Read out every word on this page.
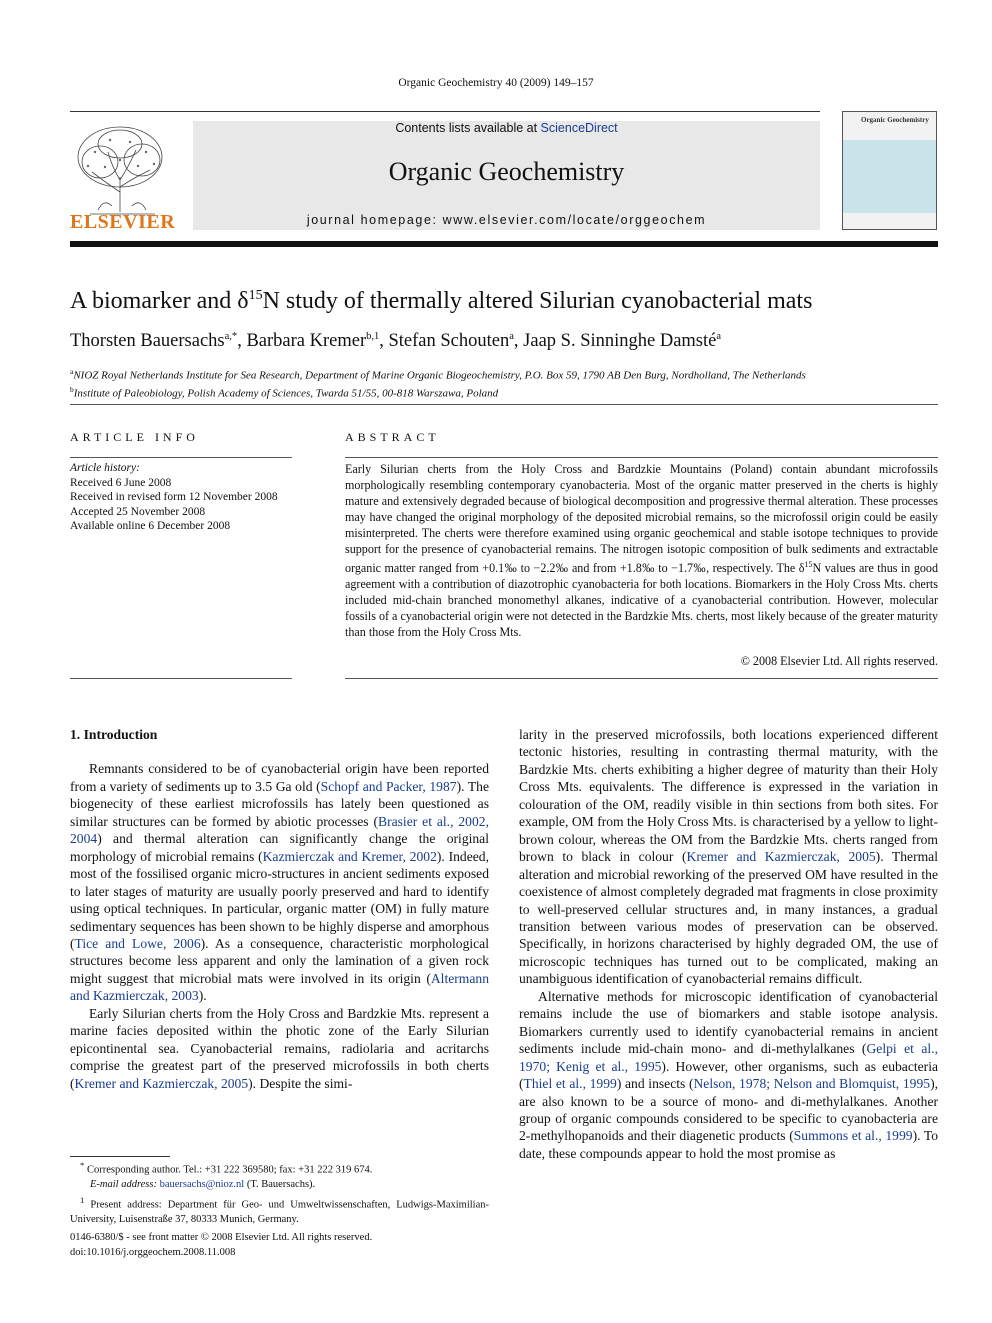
Organic Geochemistry 40 (2009) 149–157
ELSEVIER
Contents lists available at ScienceDirect
Organic Geochemistry
journal homepage: www.elsevier.com/locate/orggeochem
Organic Geochemistry
A biomarker and $\delta^{15}N$ study of thermally altered Silurian cyanobacterial mats
Thorsten Bauersachs$^{a,*}$, Barbara Kremer$^{b,1}$, Stefan Schouten$^a$, Jaap S. Sinninghe Damsté$^a$
$^a$NIOZ Royal Netherlands Institute for Sea Research, Department of Marine Organic Biogeochemistry, P.O. Box 59, 1790 AB Den Burg, Nordholland, The Netherlands
$^b$Institute of Paleobiology, Polish Academy of Sciences, Twarda 51/55, 00-818 Warszawa, Poland
ARTICLE INFO
Article history:
Received 6 June 2008
Received in revised form 12 November 2008
Accepted 25 November 2008
Available online 6 December 2008
ABSTRACT
Early Silurian cherts from the Holy Cross and Bardzkie Mountains (Poland) contain abundant microfossils morphologically resembling contemporary cyanobacteria. Most of the organic matter preserved in the cherts is highly mature and extensively degraded because of biological decomposition and progressive thermal alteration. These processes may have changed the original morphology of the deposited microbial remains, so the microfossil origin could be easily misinterpreted. The cherts were therefore examined using organic geochemical and stable isotope techniques to provide support for the presence of cyanobacterial remains. The nitrogen isotopic composition of bulk sediments and extractable organic matter ranged from +0.1‰ to −2.2‰ and from +1.8‰ to −1.7‰, respectively. The $\delta^{15}N$ values are thus in good agreement with a contribution of diazotrophic cyanobacteria for both locations. Biomarkers in the Holy Cross Mts. cherts included mid-chain branched monomethyl alkanes, indicative of a cyanobacterial contribution. However, molecular fossils of a cyanobacterial origin were not detected in the Bardzkie Mts. cherts, most likely because of the greater maturity than those from the Holy Cross Mts.
© 2008 Elsevier Ltd. All rights reserved.
1. Introduction

Remnants considered to be of cyanobacterial origin have been reported from a variety of sediments up to 3.5 Ga old (Schopf and Packer, 1987). The biogenecity of these earliest microfossils has lately been questioned as similar structures can be formed by abiotic processes (Brasier et al., 2002, 2004) and thermal alteration can significantly change the original morphology of microbial remains (Kazmierczak and Kremer, 2002). Indeed, most of the fossilised organic micro-structures in ancient sediments exposed to later stages of maturity are usually poorly preserved and hard to identify using optical techniques. In particular, organic matter (OM) in fully mature sedimentary sequences has been shown to be highly disperse and amorphous (Tice and Lowe, 2006). As a consequence, characteristic morphological structures become less apparent and only the lamination of a given rock might suggest that microbial mats were involved in its origin (Altermann and Kazmierczak, 2003).

Early Silurian cherts from the Holy Cross and Bardzkie Mts. represent a marine facies deposited within the photic zone of the Early Silurian epicontinental sea. Cyanobacterial remains, radiolaria and acritarchs comprise the greatest part of the preserved microfossils in both cherts (Kremer and Kazmierczak, 2005). Despite the simi-

larity in the preserved microfossils, both locations experienced different tectonic histories, resulting in contrasting thermal maturity, with the Bardzkie Mts. cherts exhibiting a higher degree of maturity than their Holy Cross Mts. equivalents. The difference is expressed in the variation in colouration of the OM, readily visible in thin sections from both sites. For example, OM from the Holy Cross Mts. is characterised by a yellow to light-brown colour, whereas the OM from the Bardzkie Mts. cherts ranged from brown to black in colour (Kremer and Kazmierczak, 2005). Thermal alteration and microbial reworking of the preserved OM have resulted in the coexistence of almost completely degraded mat fragments in close proximity to well-preserved cellular structures and, in many instances, a gradual transition between various modes of preservation can be observed. Specifically, in horizons characterised by highly degraded OM, the use of microscopic techniques has turned out to be complicated, making an unambiguous identification of cyanobacterial remains difficult.

Alternative methods for microscopic identification of cyanobacterial remains include the use of biomarkers and stable isotope analysis. Biomarkers currently used to identify cyanobacterial remains in ancient sediments include mid-chain mono- and di-methylalkanes (Gelpi et al., 1970; Kenig et al., 1995). However, other organisms, such as eubacteria (Thiel et al., 1999) and insects (Nelson, 1978; Nelson and Blomquist, 1995), are also known to be a source of mono- and di-methylalkanes. Another group of organic compounds considered to be specific to cyanobacteria are 2-methylhopanoids and their diagenetic products (Summons et al., 1999). To date, these compounds appear to hold the most promise as

* Corresponding author. Tel.: +31 222 369580; fax: +31 222 319 674.
E-mail address: bauersachs@nioz.nl (T. Bauersachs).
$^1$ Present address: Department für Geo- und Umweltwissenschaften, Ludwigs-Maximilian-University, Luisenstraße 37, 80333 Munich, Germany.
0146-6380/$ - see front matter © 2008 Elsevier Ltd. All rights reserved.
doi:10.1016/j.orggeochem.2008.11.008
